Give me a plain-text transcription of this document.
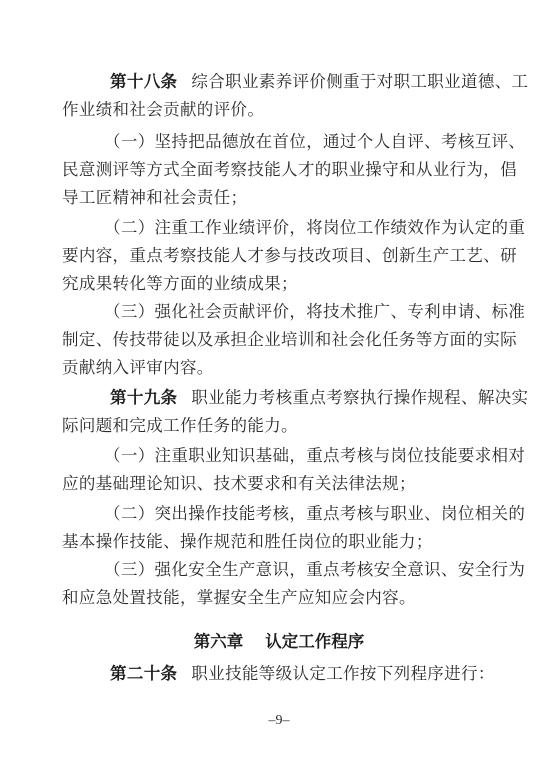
第十八条 综合职业素养评价侧重于对职工职业道德、工
作业绩和社会贡献的评价。
（一）坚持把品德放在首位，通过个人自评、考核互评、
民意测评等方式全面考察技能人才的职业操守和从业行为，倡
导工匠精神和社会责任；
（二）注重工作业绩评价，将岗位工作绩效作为认定的重
要内容，重点考察技能人才参与技改项目、创新生产工艺、研
究成果转化等方面的业绩成果；
（三）强化社会贡献评价，将技术推广、专利申请、标准
制定、传技带徒以及承担企业培训和社会化任务等方面的实际
贡献纳入评审内容。
第十九条 职业能力考核重点考察执行操作规程、解决实
际问题和完成工作任务的能力。
（一）注重职业知识基础，重点考核与岗位技能要求相对
应的基础理论知识、技术要求和有关法律法规；
（二）突出操作技能考核，重点考核与职业、岗位相关的
基本操作技能、操作规范和胜任岗位的职业能力；
（三）强化安全生产意识，重点考核安全意识、安全行为
和应急处置技能，掌握安全生产应知应会内容。
第六章 认定工作程序
第二十条 职业技能等级认定工作按下列程序进行：
–9–
